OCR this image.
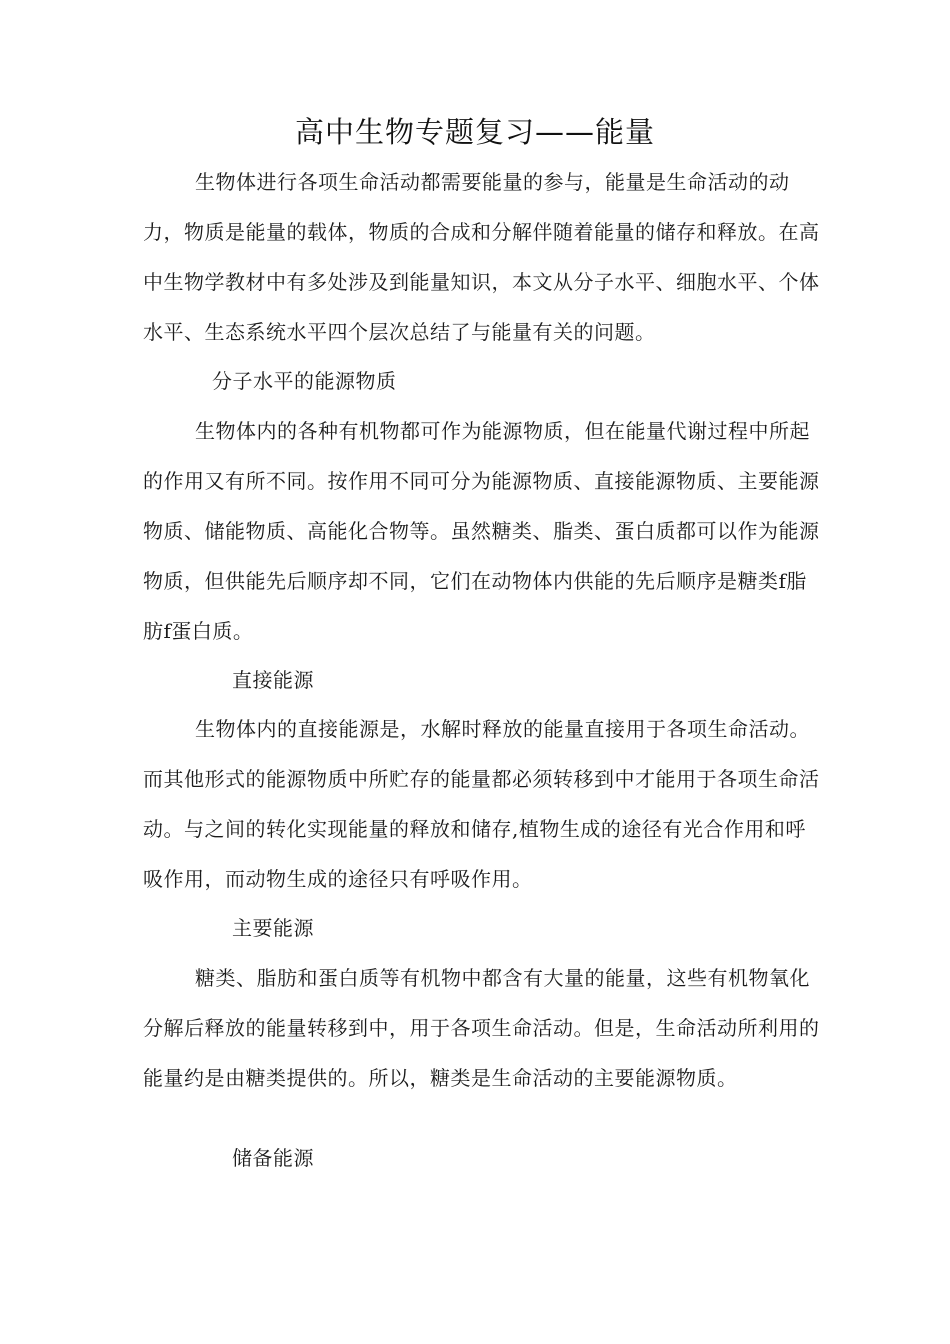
高中生物专题复习——能量

生物体进行各项生命活动都需要能量的参与，能量是生命活动的动力，物质是能量的载体，物质的合成和分解伴随着能量的储存和释放。在高中生物学教材中有多处涉及到能量知识，本文从分子水平、细胞水平、个体水平、生态系统水平四个层次总结了与能量有关的问题。

分子水平的能源物质

生物体内的各种有机物都可作为能源物质，但在能量代谢过程中所起的作用又有所不同。按作用不同可分为能源物质、直接能源物质、主要能源物质、储能物质、高能化合物等。虽然糖类、脂类、蛋白质都可以作为能源物质，但供能先后顺序却不同，它们在动物体内供能的先后顺序是糖类f脂肪f蛋白质。

直接能源

生物体内的直接能源是，水解时释放的能量直接用于各项生命活动。而其他形式的能源物质中所贮存的能量都必须转移到中才能用于各项生命活动。与之间的转化实现能量的释放和储存,植物生成的途径有光合作用和呼吸作用，而动物生成的途径只有呼吸作用。

主要能源

糖类、脂肪和蛋白质等有机物中都含有大量的能量，这些有机物氧化分解后释放的能量转移到中，用于各项生命活动。但是，生命活动所利用的能量约是由糖类提供的。所以，糖类是生命活动的主要能源物质。

储备能源
